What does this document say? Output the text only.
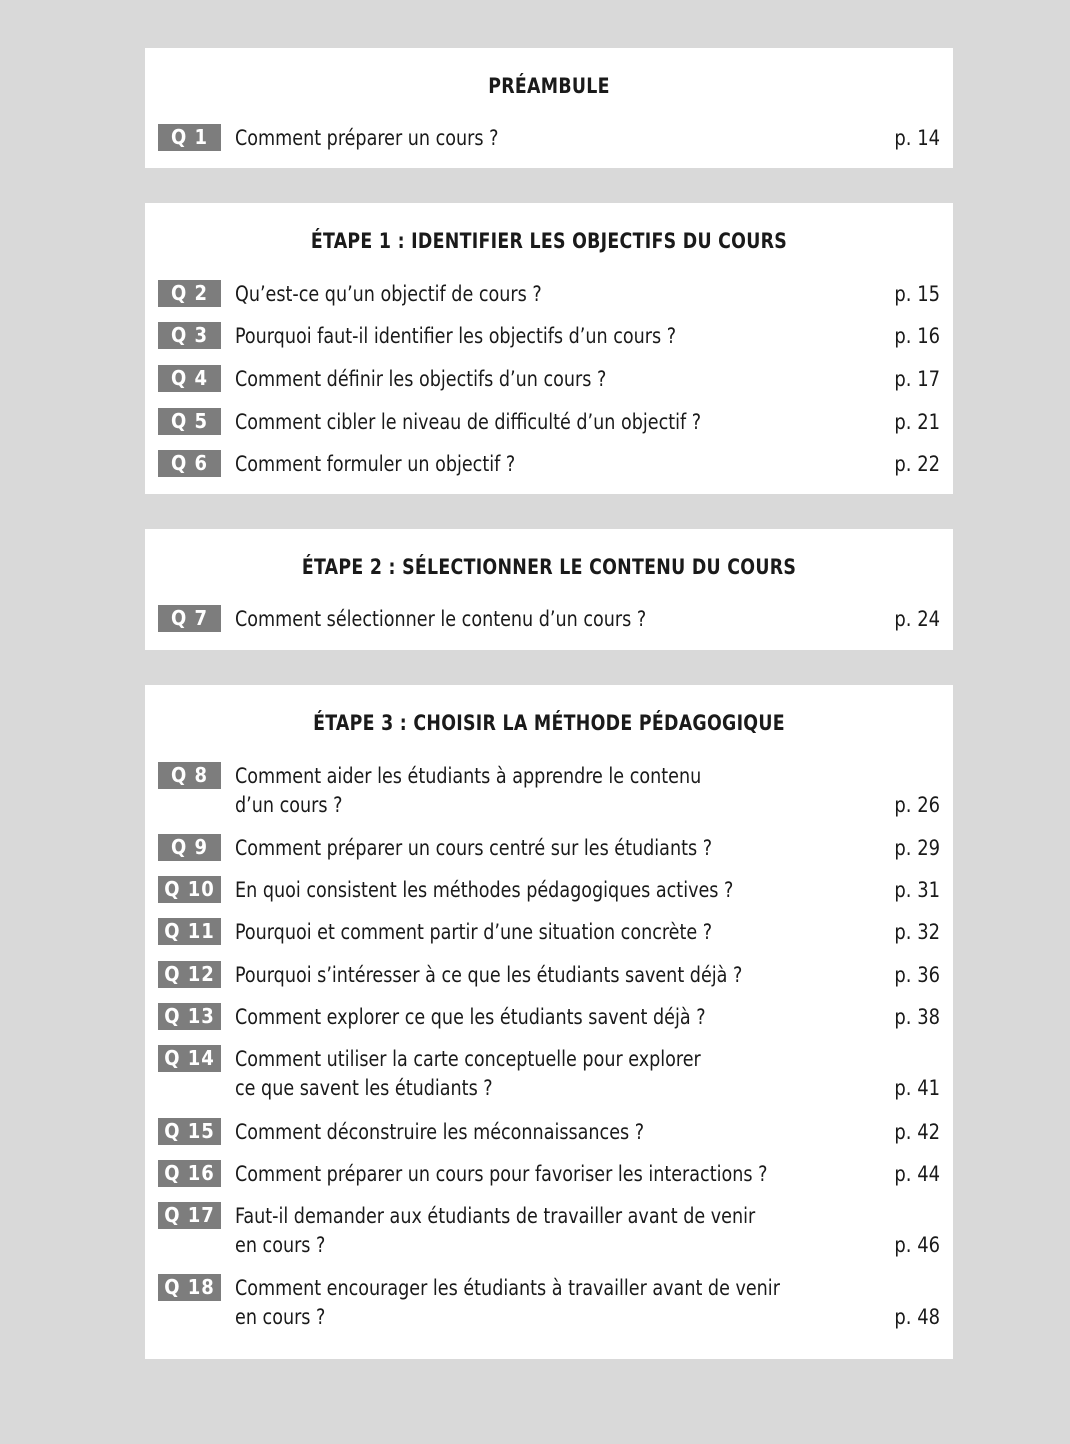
PRÉAMBULE
Q 1	Comment préparer un cours ?	p. 14
ÉTAPE 1 : IDENTIFIER LES OBJECTIFS DU COURS
Q 2	Qu’est-ce qu’un objectif de cours ?	p. 15
Q 3	Pourquoi faut-il identifier les objectifs d’un cours ?	p. 16
Q 4	Comment définir les objectifs d’un cours ?	p. 17
Q 5	Comment cibler le niveau de difficulté d’un objectif ?	p. 21
Q 6	Comment formuler un objectif ?	p. 22
ÉTAPE 2 : SÉLECTIONNER LE CONTENU DU COURS
Q 7	Comment sélectionner le contenu d’un cours ?	p. 24
ÉTAPE 3 : CHOISIR LA MÉTHODE PÉDAGOGIQUE
Q 8	Comment aider les étudiants à apprendre le contenu
d’un cours ?	p. 26
Q 9	Comment préparer un cours centré sur les étudiants ?	p. 29
Q 10 En quoi consistent les méthodes pédagogiques actives ?	p. 31
Q 11 Pourquoi et comment partir d’une situation concrète ?	p. 32
Q 12 Pourquoi s’intéresser à ce que les étudiants savent déjà ?	p. 36
Q 13 Comment explorer ce que les étudiants savent déjà ?	p. 38
Q 14 Comment utiliser la carte conceptuelle pour explorer
ce que savent les étudiants ?	p. 41
Q 15 Comment déconstruire les méconnaissances ?	p. 42
Q 16 Comment préparer un cours pour favoriser les interactions ?	p. 44
Q 17 Faut-il demander aux étudiants de travailler avant de venir
en cours ?	p. 46
Q 18 Comment encourager les étudiants à travailler avant de venir
en cours ?	p. 48
